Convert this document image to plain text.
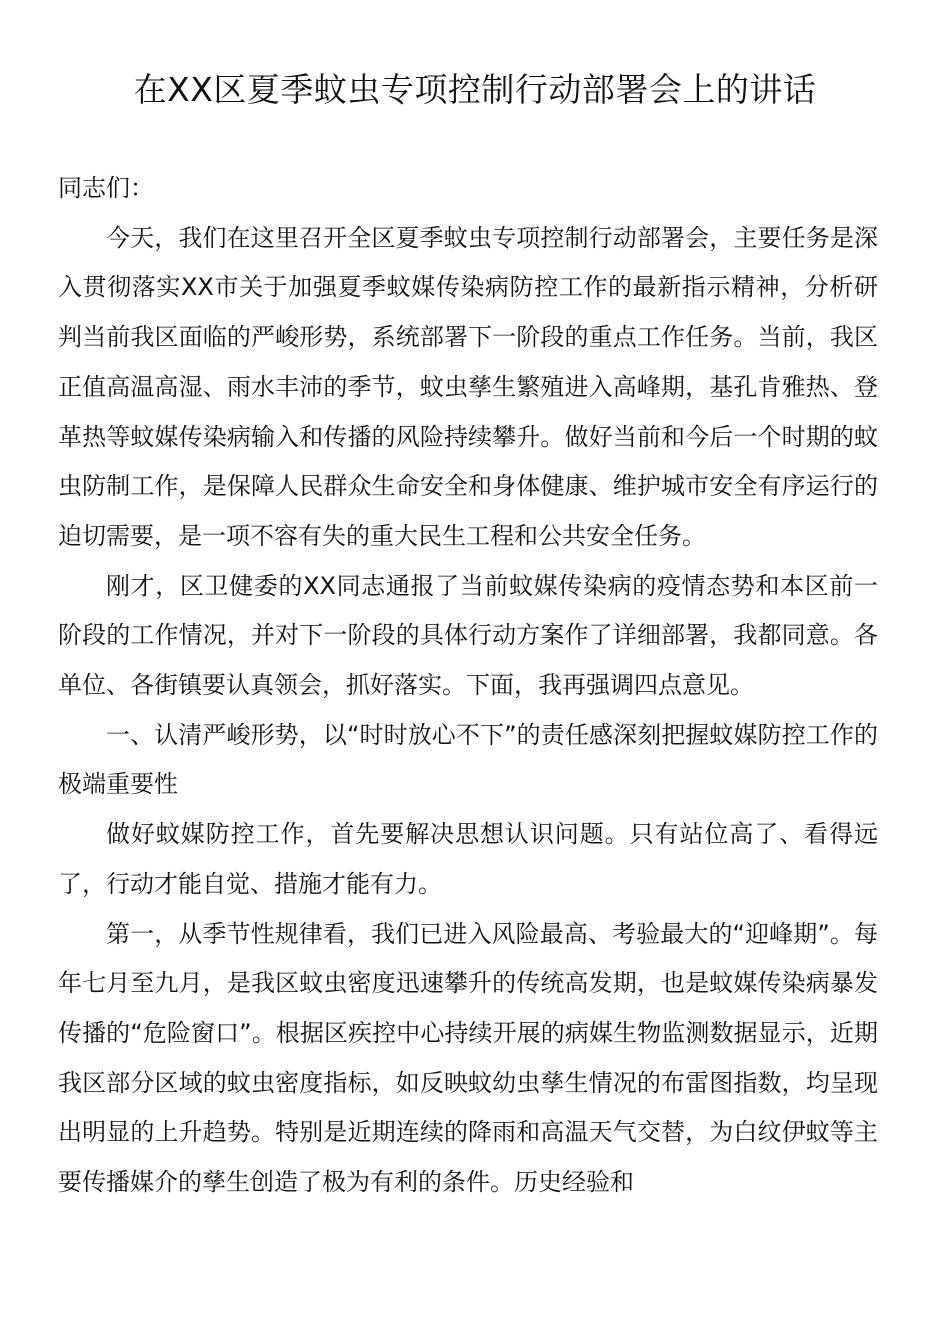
在XX区夏季蚊虫专项控制行动部署会上的讲话

同志们：

今天，我们在这里召开全区夏季蚊虫专项控制行动部署会，主要任务是深入贯彻落实XX市关于加强夏季蚊媒传染病防控工作的最新指示精神，分析研判当前我区面临的严峻形势，系统部署下一阶段的重点工作任务。当前，我区正值高温高湿、雨水丰沛的季节，蚊虫孳生繁殖进入高峰期，基孔肯雅热、登革热等蚊媒传染病输入和传播的风险持续攀升。做好当前和今后一个时期的蚊虫防制工作，是保障人民群众生命安全和身体健康、维护城市安全有序运行的迫切需要，是一项不容有失的重大民生工程和公共安全任务。

刚才，区卫健委的XX同志通报了当前蚊媒传染病的疫情态势和本区前一阶段的工作情况，并对下一阶段的具体行动方案作了详细部署，我都同意。各单位、各街镇要认真领会，抓好落实。下面，我再强调四点意见。

一、认清严峻形势，以“时时放心不下”的责任感深刻把握蚊媒防控工作的极端重要性

做好蚊媒防控工作，首先要解决思想认识问题。只有站位高了、看得远了，行动才能自觉、措施才能有力。

第一，从季节性规律看，我们已进入风险最高、考验最大的“迎峰期”。每年七月至九月，是我区蚊虫密度迅速攀升的传统高发期，也是蚊媒传染病暴发传播的“危险窗口”。根据区疾控中心持续开展的病媒生物监测数据显示，近期我区部分区域的蚊虫密度指标，如反映蚊幼虫孳生情况的布雷图指数，均呈现出明显的上升趋势。特别是近期连续的降雨和高温天气交替，为白纹伊蚊等主要传播媒介的孳生创造了极为有利的条件。历史经验和
